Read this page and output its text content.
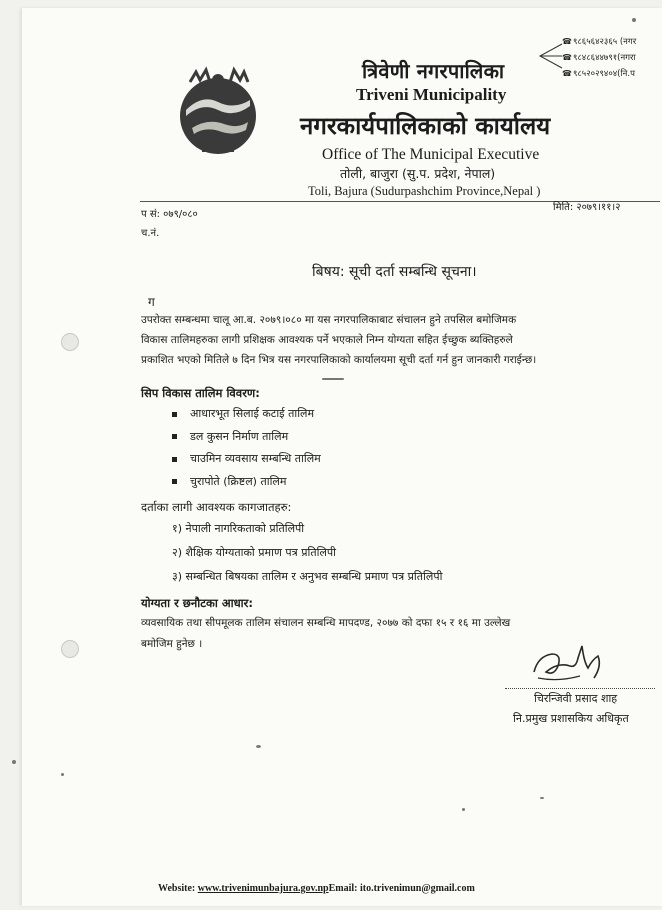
☎९८६५६४२३६५ (नगर
☎९८४८६४४७९१(नगरा
☎९८५२०२९४०४(नि.प
त्रिवेणी नगरपालिका
Triveni Municipality
नगरकार्यपालिकाको कार्यालय
Office of The Municipal Executive
तोली, बाजुरा (सु.प. प्रदेश, नेपाल)
Toli, Bajura (Sudurpashchim Province,Nepal )
प सं: ०७९/०८०
च.नं.
मिति: २०७९।११।२
बिषय: सूची दर्ता सम्बन्धि सूचना।
ग
उपरोक्त सम्बन्धमा चालू आ.ब. २०७९।०८० मा यस नगरपालिकाबाट संचालन हुने तपसिल बमोजिमक
विकास तालिमहरुका लागी प्रशिक्षक आवश्यक पर्ने भएकाले निम्न योग्यता सहित ईच्छुक ब्यक्तिहरुले
प्रकाशित भएको मितिले ७ दिन भित्र यस नगरपालिकाको कार्यालयमा सूची दर्ता गर्न हुन जानकारी गराईन्छ।
सिप विकास तालिम विवरण:
आधारभूत सिलाई कटाई तालिम
डल कुसन निर्माण तालिम
चाउमिन व्यवसाय सम्बन्धि तालिम
चुरापोते (क्रिष्टल) तालिम
दर्ताका लागी आवश्यक कागजातहरु:
१) नेपाली नागरिकताको प्रतिलिपी
२) शैक्षिक योग्यताको प्रमाण पत्र प्रतिलिपी
३) सम्बन्धित बिषयका तालिम र अनुभव सम्बन्धि प्रमाण पत्र प्रतिलिपी
योग्यता र छनौटका आधार:
व्यवसायिक तथा सीपमूलक तालिम संचालन सम्बन्धि मापदण्ड, २०७७ को दफा १५ र १६ मा उल्लेख
बमोजिम हुनेछ ।
चिरन्जिवी प्रसाद शाह
नि.प्रमुख प्रशासकिय अधिकृत
Website: www.trivenimunbajura.gov.npEmail: ito.trivenimun@gmail.com
